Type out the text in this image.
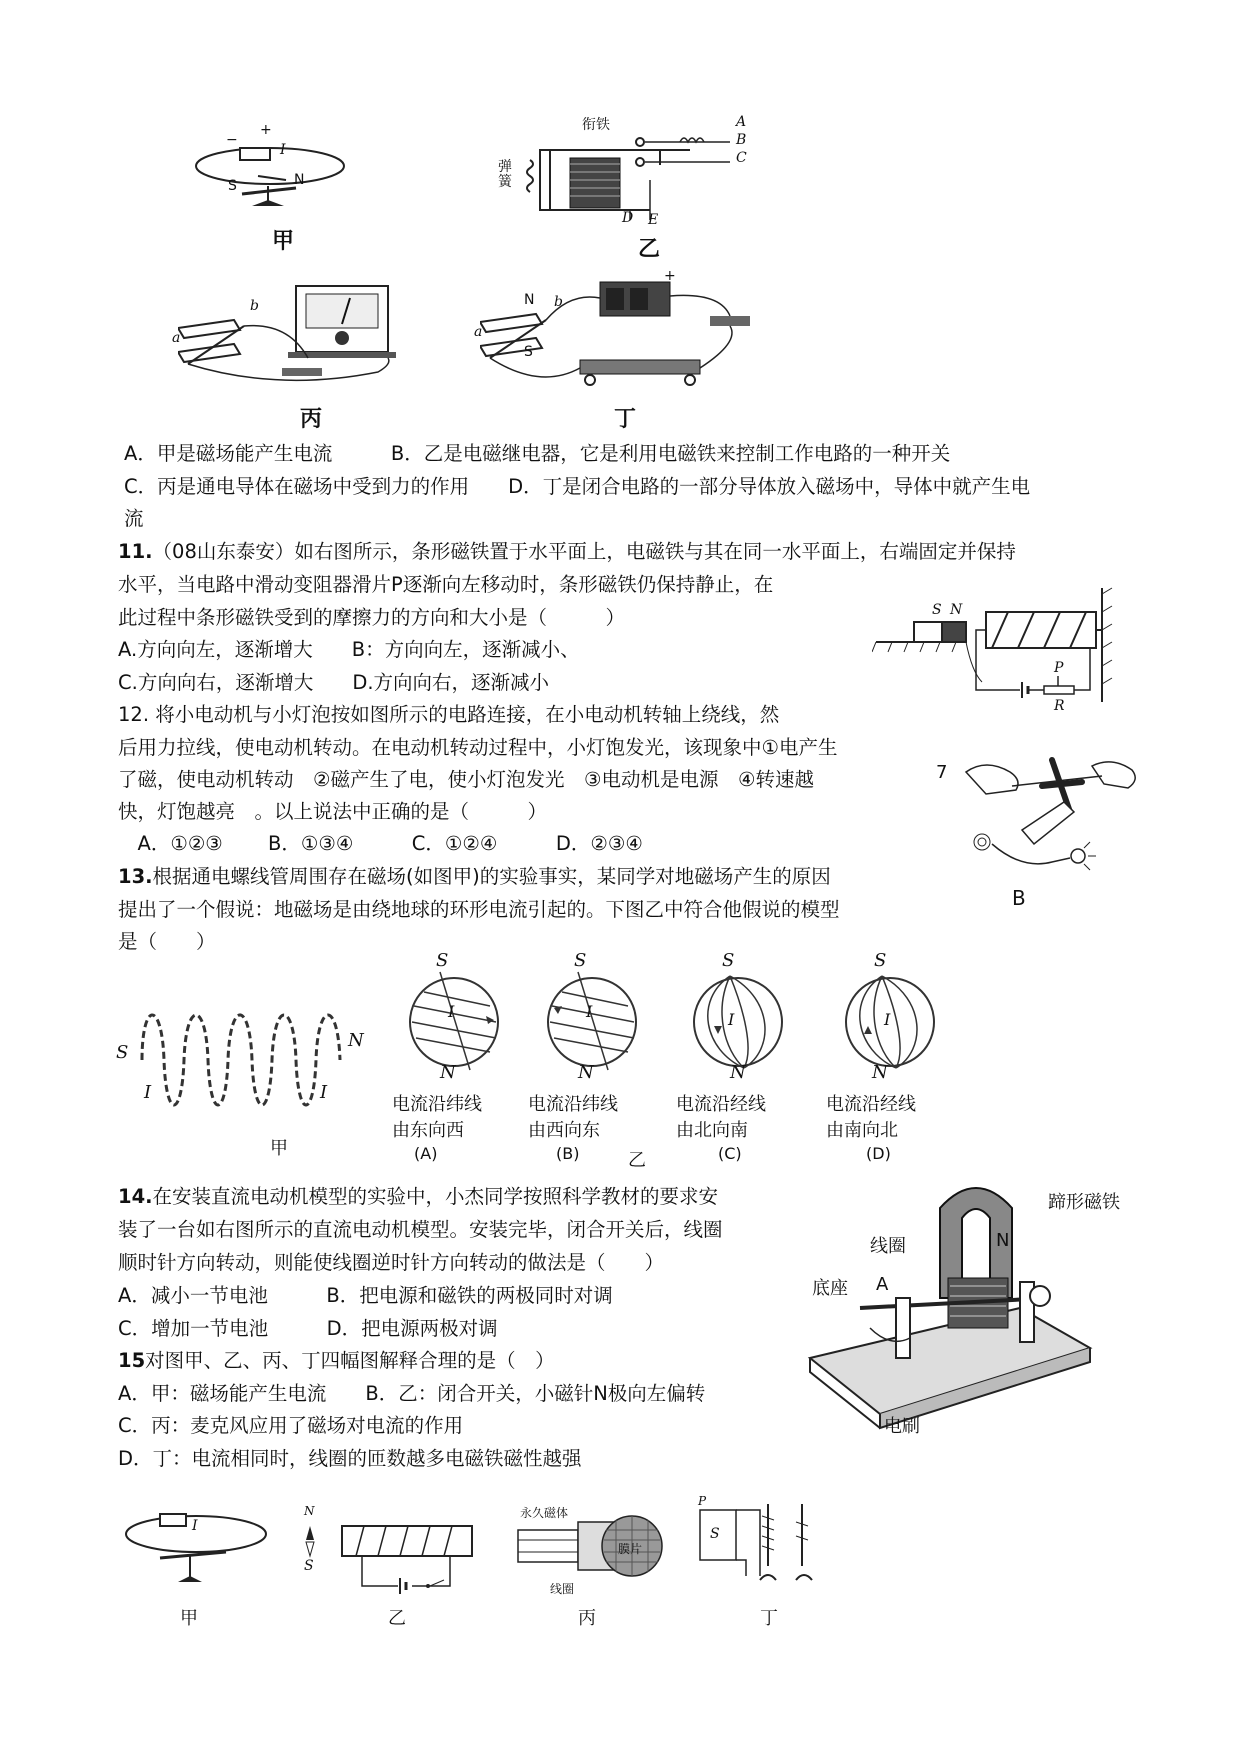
I
−
+
S	N
甲
衔铁
弹簧
A
B
C
D E
乙
a
b
丙
N
S
a
b
+
丁
A．甲是磁场能产生电流　　　B．乙是电磁继电器，它是利用电磁铁来控制工作电路的一种开关
C．丙是通电导体在磁场中受到力的作用　　D．丁是闭合电路的一部分导体放入磁场中，导体中就产生电
流
11.（08山东泰安）如右图所示，条形磁铁置于水平面上，电磁铁与其在同一水平面上，右端固定并保持
水平，当电路中滑动变阻器滑片P逐渐向左移动时，条形磁铁仍保持静止，在
此过程中条形磁铁受到的摩擦力的方向和大小是（　　　）
A.方向向左，逐渐增大　　B：方向向左，逐渐减小、
C.方向向右，逐渐增大　　D.方向向右，逐渐减小
S N
P
R
12. 将小电动机与小灯泡按如图所示的电路连接，在小电动机转轴上绕线，然
后用力拉线，使电动机转动。在电动机转动过程中，小灯饱发光，该现象中①电产生
了磁，使电动机转动　②磁产生了电，使小灯泡发光　③电动机是电源　④转速越
快，灯饱越亮　。以上说法中正确的是（　　　）
　A．①②③　　 B．①③④　　　C．①②④　　　D．②③④
7
B
13.根据通电螺线管周围存在磁场(如图甲)的实验事实，某同学对地磁场产生的原因
提出了一个假说：地磁场是由绕地球的环形电流引起的。下图乙中符合他假说的模型
是（　　）
S
N
I	I
甲
S
I
N
电流沿纬线
由东向西
(A)
S
I
N
电流沿纬线
由西向东
(B)
S
I
N
电流沿经线
由北向南
(C)
S
I
N
电流沿经线
由南向北
(D)
乙
14.在安装直流电动机模型的实验中，小杰同学按照科学教材的要求安
装了一台如右图所示的直流电动机模型。安装完毕，闭合开关后，线圈
顺时针方向转动，则能使线圈逆时针方向转动的做法是（　　）
A．减小一节电池　　　B．把电源和磁铁的两极同时对调
C．增加一节电池　　　D．把电源两极对调
蹄形磁铁
N
线圈
A
底座
电刷
15对图甲、乙、丙、丁四幅图解释合理的是（　）
A．甲：磁场能产生电流　　B．乙：闭合开关，小磁针N极向左偏转
C．丙：麦克风应用了磁场对电流的作用
D．丁：电流相同时，线圈的匝数越多电磁铁磁性越强
I
甲
N
S
乙
永久磁体
膜片
线圈
丙
P
S
丁
